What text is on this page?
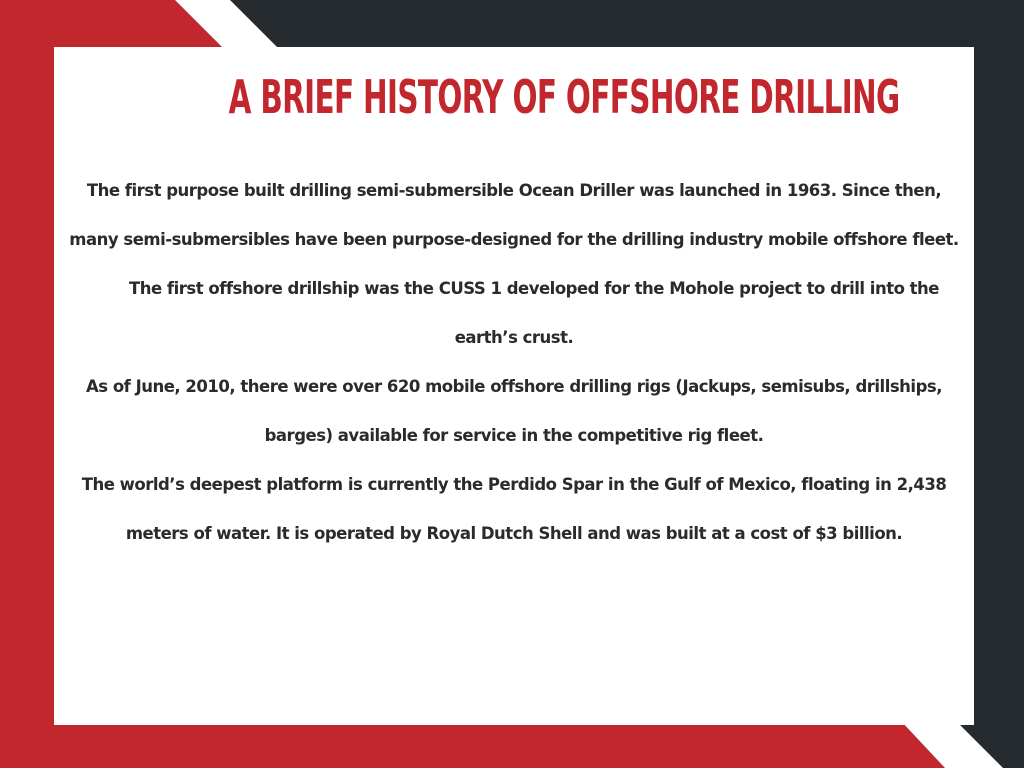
A BRIEF HISTORY OF OFFSHORE DRILLING

The first purpose built drilling semi-submersible Ocean Driller was launched in 1963. Since then, many semi-submersibles have been purpose-designed for the drilling industry mobile offshore fleet.

The first offshore drillship was the CUSS 1 developed for the Mohole project to drill into the earth’s crust.

As of June, 2010, there were over 620 mobile offshore drilling rigs (Jackups, semisubs, drillships, barges) available for service in the competitive rig fleet.

The world’s deepest platform is currently the Perdido Spar in the Gulf of Mexico, floating in 2,438 meters of water. It is operated by Royal Dutch Shell and was built at a cost of $3 billion.
